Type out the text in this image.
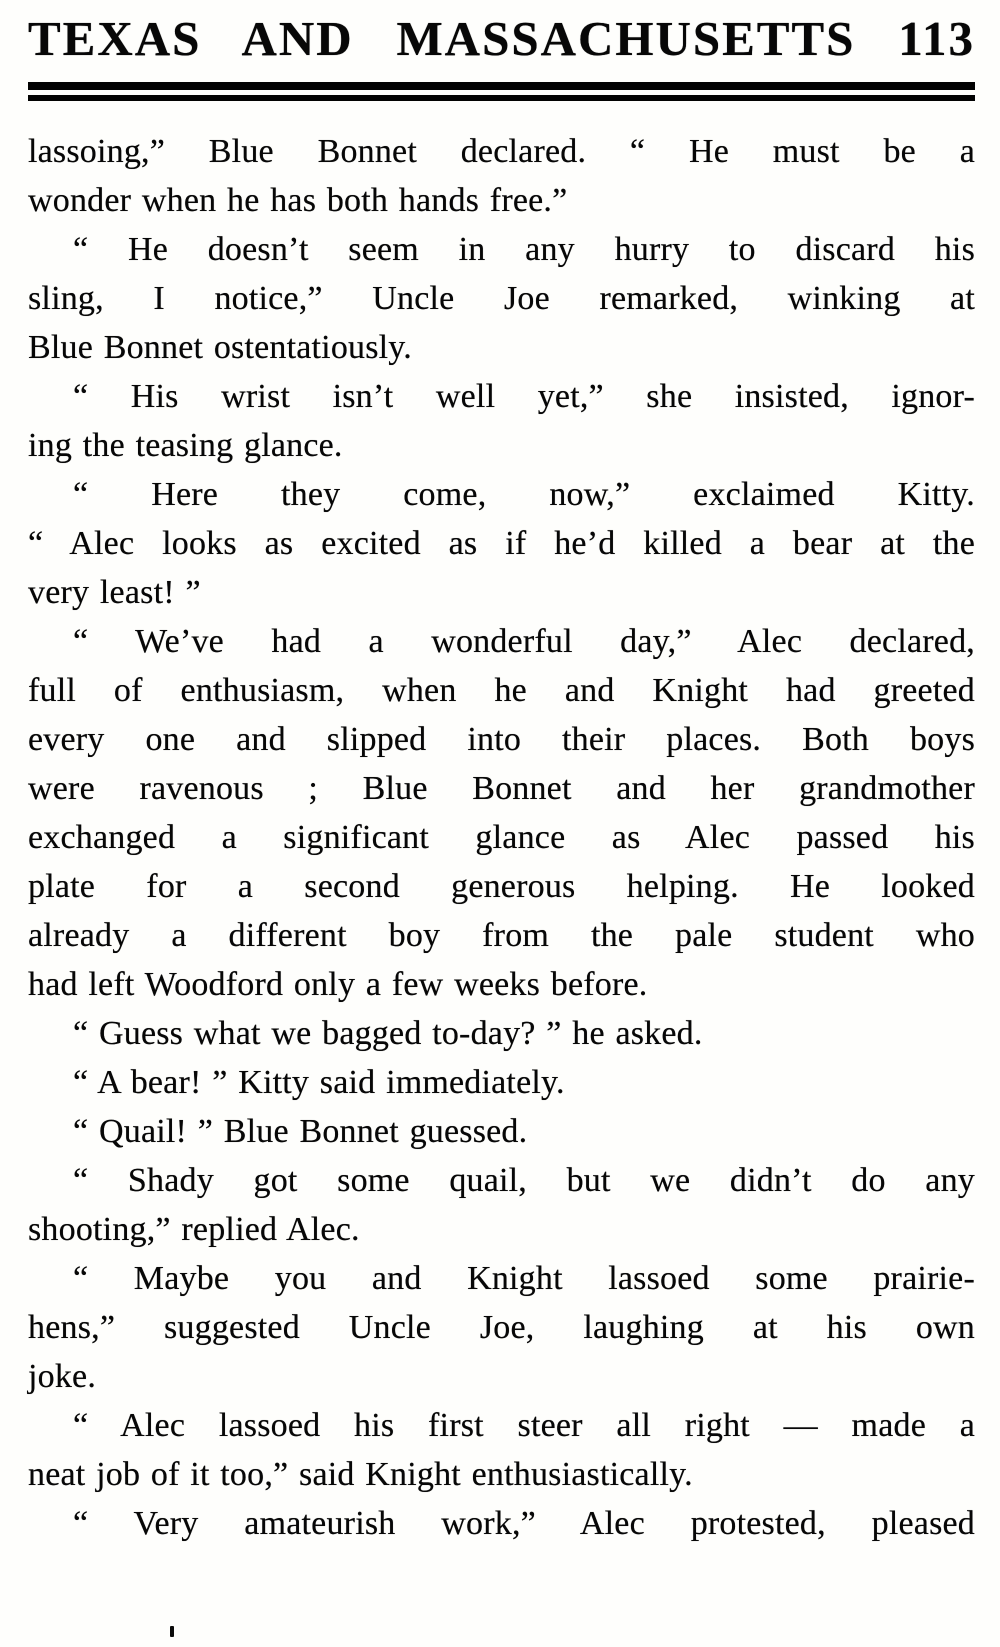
TEXAS AND MASSACHUSETTS 113
lassoing,” Blue Bonnet declared. “ He must be a
wonder when he has both hands free.”
“ He doesn’t seem in any hurry to discard his
sling, I notice,” Uncle Joe remarked, winking at
Blue Bonnet ostentatiously.
“ His wrist isn’t well yet,” she insisted, ignor-
ing the teasing glance.
“ Here they come, now,” exclaimed Kitty.
“ Alec looks as excited as if he’d killed a bear at the
very least! ”
“ We’ve had a wonderful day,” Alec declared,
full of enthusiasm, when he and Knight had greeted
every one and slipped into their places. Both boys
were ravenous ; Blue Bonnet and her grandmother
exchanged a significant glance as Alec passed his
plate for a second generous helping. He looked
already a different boy from the pale student who
had left Woodford only a few weeks before.
“ Guess what we bagged to-day? ” he asked.
“ A bear! ” Kitty said immediately.
“ Quail! ” Blue Bonnet guessed.
“ Shady got some quail, but we didn’t do any
shooting,” replied Alec.
“ Maybe you and Knight lassoed some prairie-
hens,” suggested Uncle Joe, laughing at his own
joke.
“ Alec lassoed his first steer all right — made a
neat job of it too,” said Knight enthusiastically.
“ Very amateurish work,” Alec protested, pleased
